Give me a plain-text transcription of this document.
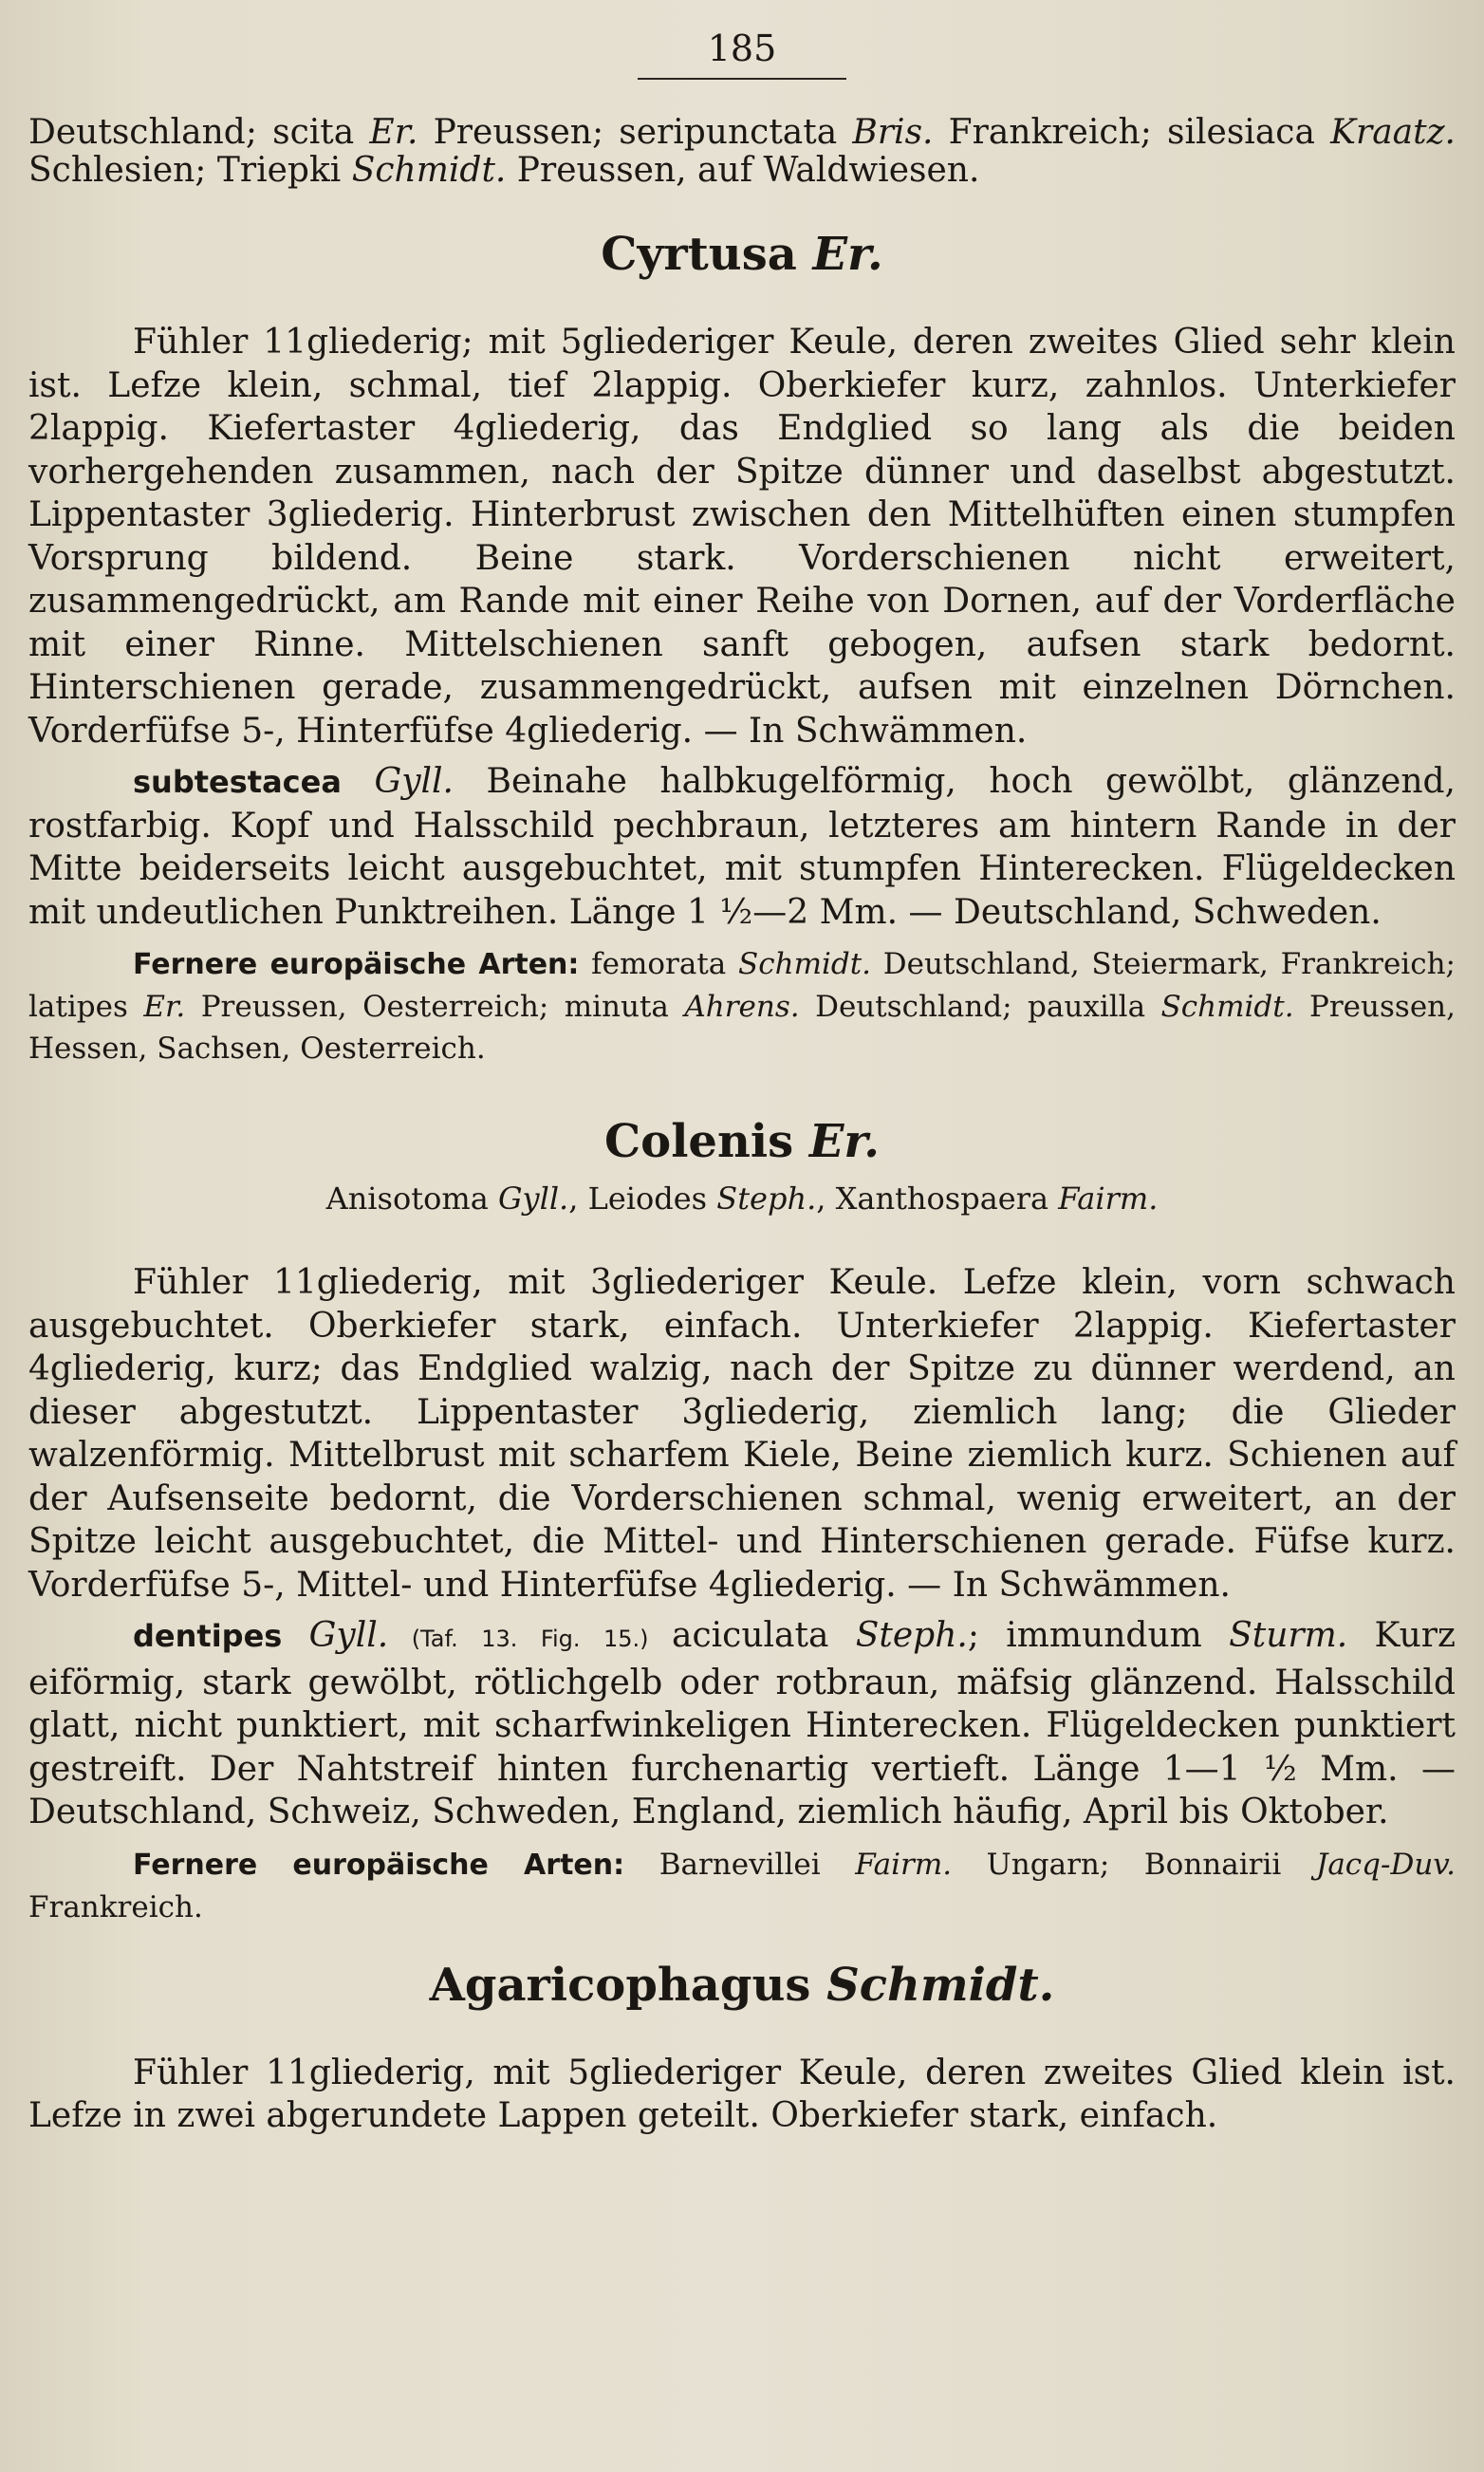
185

Deutschland; scita Er. Preussen; seripunctata Bris. Frankreich; silesiaca Kraatz. Schlesien; Triepki Schmidt. Preussen, auf Waldwiesen.

Cyrtusa Er.

Fühler 11gliederig; mit 5gliederiger Keule, deren zweites Glied sehr klein ist. Lefze klein, schmal, tief 2lappig. Oberkiefer kurz, zahnlos. Unterkiefer 2lappig. Kiefertaster 4gliederig, das Endglied so lang als die beiden vorhergehenden zusammen, nach der Spitze dünner und daselbst abgestutzt. Lippentaster 3gliederig. Hinterbrust zwischen den Mittelhüften einen stumpfen Vorsprung bildend. Beine stark. Vorderschienen nicht erweitert, zusammengedrückt, am Rande mit einer Reihe von Dornen, auf der Vorderfläche mit einer Rinne. Mittelschienen sanft gebogen, aufsen stark bedornt. Hinterschienen gerade, zusammengedrückt, aufsen mit einzelnen Dörnchen. Vorderfüfse 5-, Hinterfüfse 4gliederig. — In Schwämmen.

subtestacea Gyll. Beinahe halbkugelförmig, hoch gewölbt, glänzend, rostfarbig. Kopf und Halsschild pechbraun, letzteres am hintern Rande in der Mitte beiderseits leicht ausgebuchtet, mit stumpfen Hinterecken. Flügeldecken mit undeutlichen Punktreihen. Länge 1 ½—2 Mm. — Deutschland, Schweden.

Fernere europäische Arten: femorata Schmidt. Deutschland, Steiermark, Frankreich; latipes Er. Preussen, Oesterreich; minuta Ahrens. Deutschland; pauxilla Schmidt. Preussen, Hessen, Sachsen, Oesterreich.

Colenis Er.

Anisotoma Gyll., Leiodes Steph., Xanthospaera Fairm.

Fühler 11gliederig, mit 3gliederiger Keule. Lefze klein, vorn schwach ausgebuchtet. Oberkiefer stark, einfach. Unterkiefer 2lappig. Kiefertaster 4gliederig, kurz; das Endglied walzig, nach der Spitze zu dünner werdend, an dieser abgestutzt. Lippentaster 3gliederig, ziemlich lang; die Glieder walzenförmig. Mittelbrust mit scharfem Kiele, Beine ziemlich kurz. Schienen auf der Aufsenseite bedornt, die Vorderschienen schmal, wenig erweitert, an der Spitze leicht ausgebuchtet, die Mittel- und Hinterschienen gerade. Füfse kurz. Vorderfüfse 5-, Mittel- und Hinterfüfse 4gliederig. — In Schwämmen.

dentipes Gyll. (Taf. 13. Fig. 15.) aciculata Steph.; immundum Sturm. Kurz eiförmig, stark gewölbt, rötlichgelb oder rotbraun, mäfsig glänzend. Halsschild glatt, nicht punktiert, mit scharfwinkeligen Hinterecken. Flügeldecken punktiert gestreift. Der Nahtstreif hinten furchenartig vertieft. Länge 1—1 ½ Mm. — Deutschland, Schweiz, Schweden, England, ziemlich häufig, April bis Oktober.

Fernere europäische Arten: Barnevillei Fairm. Ungarn; Bonnairii Jacq-Duv. Frankreich.

Agaricophagus Schmidt.

Fühler 11gliederig, mit 5gliederiger Keule, deren zweites Glied klein ist. Lefze in zwei abgerundete Lappen geteilt. Oberkiefer stark, einfach.
